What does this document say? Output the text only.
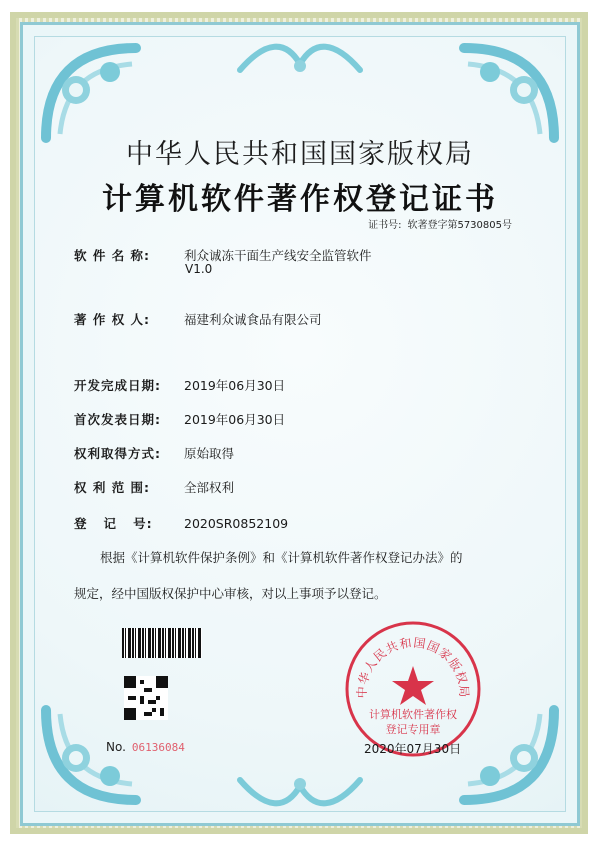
中华人民共和国国家版权局
计算机软件著作权登记证书
证书号: 软著登字第5730805号
软 件 名 称:	利众诚冻干面生产线安全监管软件
V1.0
著 作 权 人:	福建利众诚食品有限公司
开发完成日期: 2019年06月30日
首次发表日期: 2019年06月30日
权利取得方式: 原始取得
权 利 范 围:	全部权利
登   记   号:	2020SR0852109
根据《计算机软件保护条例》和《计算机软件著作权登记办法》的
规定，经中国版权保护中心审核，对以上事项予以登记。
No. 06136084
中华人民共和国国家版权局
计算机软件著作权
登记专用章
2020年07月30日
